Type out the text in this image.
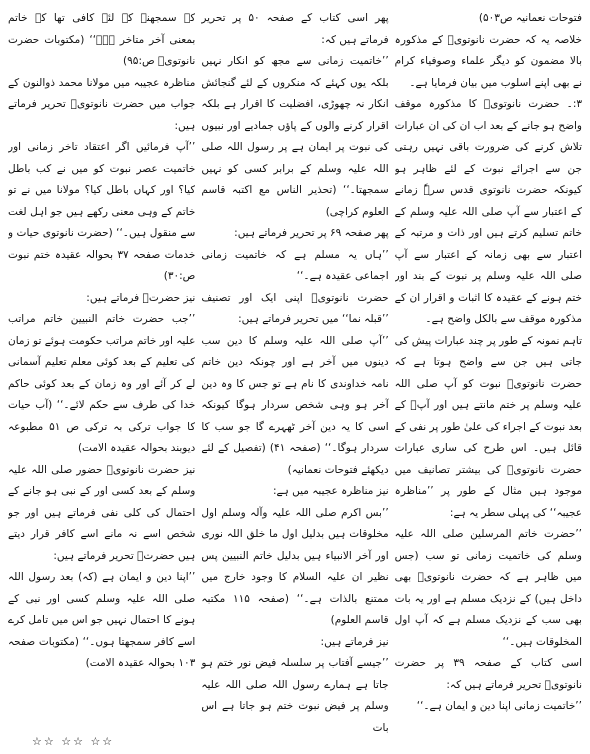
فتوحات نعمانیہ ص۵۰۳)

خلاصہ یہ کہ حضرت نانوتویؒ کے مذکورہ بالا مضمون کو دیگر علماء وصوفیاء کرام نے بھی اپنے اسلوب میں بیان فرمایا ہے۔

۳:۔ حضرت نانوتویؒ کا مذکورہ موقف واضح ہو جانے کے بعد اب ان کی ان عبارات تلاش کرنے کی ضرورت باقی نہیں رہتی جن سے اجرائے نبوت کے لئے ظاہر ہو کیونکہ حضرت نانوتوی قدس سرہٗ زمانے کے اعتبار سے آپ صلی اللہ علیہ وسلم کے خاتم تسلیم کرتے ہیں اور ذات و مرتبہ کے اعتبار سے بھی زمانہ کے اعتبار سے آپ صلی اللہ علیہ وسلم پر نبوت کے بند اور ختم ہونے کے عقیدہ کا اثبات و اقرار ان کے مذکورہ موقف سے بالکل واضح ہے۔

تاہم نمونہ کے طور پر چند عبارات پیش کی جاتی ہیں جن سے واضح ہوتا ہے کہ حضرت نانوتویؒ نبوت کو آپ صلی اللہ علیہ وسلم پر ختم مانتے ہیں اور آپؐ کے بعد نبوت کے اجراء کی علیٰ طور پر نفی کے قائل ہیں۔ اس طرح کی ساری عبارات حضرت نانوتویؒ کی بیشتر تصانیف میں موجود ہیں مثال کے طور پر ’’مناظرہ عجیبہ‘‘ کی پہلی سطر یہ ہے:

’’حضرت خاتم المرسلین صلی اللہ علیہ وسلم کی خاتمیت زمانی تو سب (جس میں ظاہر ہے کہ حضرت نانوتویؒ بھی داخل ہیں) کے نزدیک مسلم ہے اور یہ بات بھی سب کے نزدیک مسلم ہے کہ آپ اول المخلوقات ہیں۔‘‘

اسی کتاب کے صفحہ ۳۹ پر حضرت نانوتویؒ تحریر فرماتے ہیں کہ:

’’خاتمیت زمانی اپنا دین و ایمان ہے۔‘‘

پھر اسی کتاب کے صفحہ ۵۰ پر تحریر فرماتے ہیں کہ:

’’خاتمیت زمانی سے مجھ کو انکار نہیں بلکہ یوں کہئے کہ منکروں کے لئے گنجائش انکار نہ چھوڑی، افضلیت کا اقرار ہے بلکہ اقرار کرنے والوں کے پاؤں جمادیے اور نبیوں کی نبوت پر ایمان ہے پر رسول اللہ صلی اللہ علیہ وسلم کے برابر کسی کو نہیں سمجھتا۔‘‘ (تحذیر الناس مع اکتبہ قاسم العلوم کراچی)

پھر صفحہ ۶۹ پر تحریر فرماتے ہیں:

’’ہاں یہ مسلم ہے کہ خاتمیت زمانی اجماعی عقیدہ ہے۔‘‘

حضرت نانوتویؒ اپنی ایک اور تصنیف ’’قبلہ نما‘‘ میں تحریر فرماتے ہیں:

’’آپ صلی اللہ علیہ وسلم کا دین سب دینوں میں آخر ہے اور چونکہ دین خاتم نامہ خداوندی کا نام ہے تو جس کا وہ دین آخر ہو وہی شخص سردار ہوگا کیونکہ اسی کا یہ دین آخر ٹھہرے گا جو سب کا سردار ہوگا۔‘‘ (صفحہ ۴۱) (تفصیل کے لئے دیکھئے فتوحات نعمانیہ)

نیز مناظرہ عجیبہ میں ہے:

’’بس اکرم صلی اللہ علیہ وآلہ وسلم اول مخلوقات ہیں بدلیل اول ما خلق اللہ نوری اور آخر الانبیاء ہیں بدلیل خاتم النبیین پس نظیر ان علیہ السلام کا وجود خارج میں ممتنع بالذات ہے۔‘‘ (صفحہ ۱۱۵ مکتبہ قاسم العلوم)

نیز فرماتے ہیں:

’’جیسے آفتاب پر سلسلہ فیض نور ختم ہو جاتا ہے ہمارے رسول اللہ صلی اللہ علیہ وسلم پر فیض نبوت ختم ہو جاتا ہے اس بات

کے سمجھنے کے لئے کافی تھا کہ خاتم بمعنی آخر متاخر ہے۔‘‘ (مکتوبات حضرت نانوتویؒ ص:۹۵)

مناظرہ عجیبہ میں مولانا محمد ذوالنون کے جواب میں حضرت نانوتویؒ تحریر فرماتے ہیں:

’’آپ فرمائیں اگر اعتقاد تاخر زمانی اور خاتمیت عصر نبوت کو میں نے کب باطل کیا؟ اور کہاں باطل کیا؟ مولانا میں نے تو خاتم کے وہی معنی رکھے ہیں جو اہل لغت سے منقول ہیں۔‘‘ (حضرت نانوتوی حیات و خدمات صفحہ ۳۷ بحوالہ عقیدہ ختم نبوت ص:۳۰)

نیز حضرتؒ فرماتے ہیں:

’’جب حضرت خاتم النبیین خاتم مراتب علیہ اور خاتم مراتب حکومت ہوئے تو زمان کی تعلیم کے بعد کوئی معلم تعلیم آسمانی لے کر آئے اور وہ زمان کے بعد کوئی حاکم خدا کی طرف سے حکم لائے۔‘‘ (آب حیات کا جواب ترکی بہ ترکی ص ۵۱ مطبوعہ دیوبند بحوالہ عقیدہ الامت)

نیز حضرت نانوتویؒ حضور صلی اللہ علیہ وسلم کے بعد کسی اور کے نبی ہو جانے کے احتمال کی کلی نفی فرماتے ہیں اور جو شخص اسے نہ مانے اسے کافر قرار دیتے ہیں حضرتؒ تحریر فرماتے ہیں:

’’اپنا دین و ایمان ہے (کہ) بعد رسول اللہ صلی اللہ علیہ وسلم کسی اور نبی کے ہونے کا احتمال نہیں جو اس میں تامل کرے اسے کافر سمجھتا ہوں۔‘‘ (مکتوبات صفحہ ۱۰۳ بحوالہ عقیدہ الامت)

☆☆ ☆☆ ☆☆
